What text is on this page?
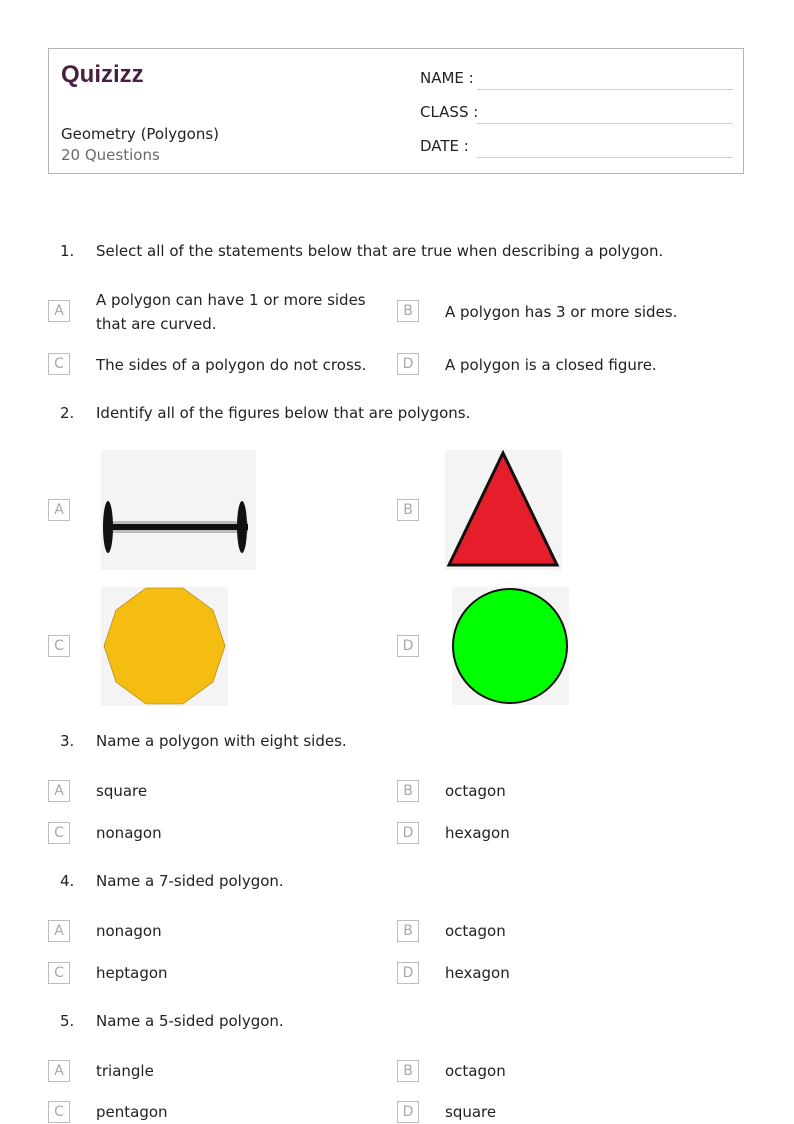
Quizizz
Geometry (Polygons)
20 Questions
NAME :
CLASS :
DATE :
1. Select all of the statements below that are true when describing a polygon.
A
A polygon can have 1 or more sides that are curved.
B	A polygon has 3 or more sides.
C	The sides of a polygon do not cross.	D	A polygon is a closed figure.
2. Identify all of the figures below that are polygons.
A	B
C	D
3. Name a polygon with eight sides.
A	square	B	octagon
C	nonagon	D	hexagon
4. Name a 7-sided polygon.
A	nonagon	B	octagon
C	heptagon	D	hexagon
5. Name a 5-sided polygon.
A	triangle	B	octagon
C	pentagon	D	square
